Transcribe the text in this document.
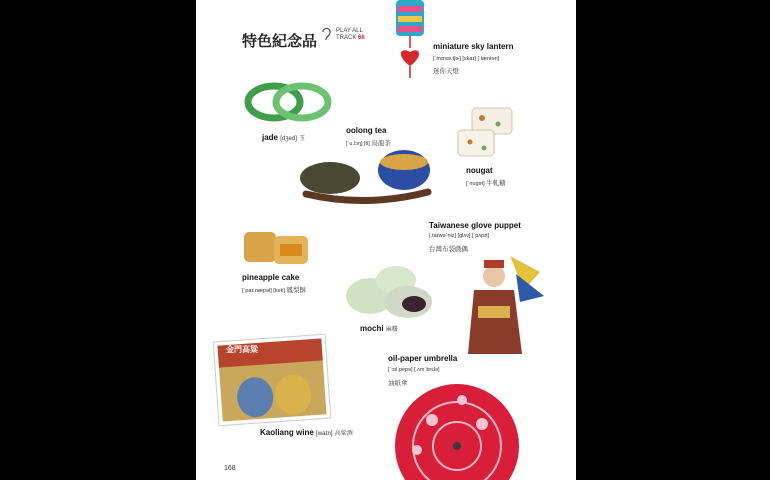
特色紀念品
PLAY ALL
TRACK 68
miniature sky lantern
[ˈmɪnɪə.tʃɚ] [skaɪ] [ˈlæntən]
迷你天燈
jade [dʒed] 玉
oolong tea
[ˈu.lɔŋ] [ti] 烏龍茶
nougat
[ˈnugət] 牛軋糖
Taiwanese glove puppet
[.taɪwəˈniz] [glʌv] [ˈpʌpɪt]
台灣布袋戲偶
pineapple cake
[ˈpaɪ.næpəl] [kek] 鳳梨酥
mochi 麻糬
金門高粱
Kaoliang wine [waɪn] 高粱酒
oil-paper umbrella
[ˈɔɪl.pepə] [.ʌmˈbrɛlə]
油紙傘
168
